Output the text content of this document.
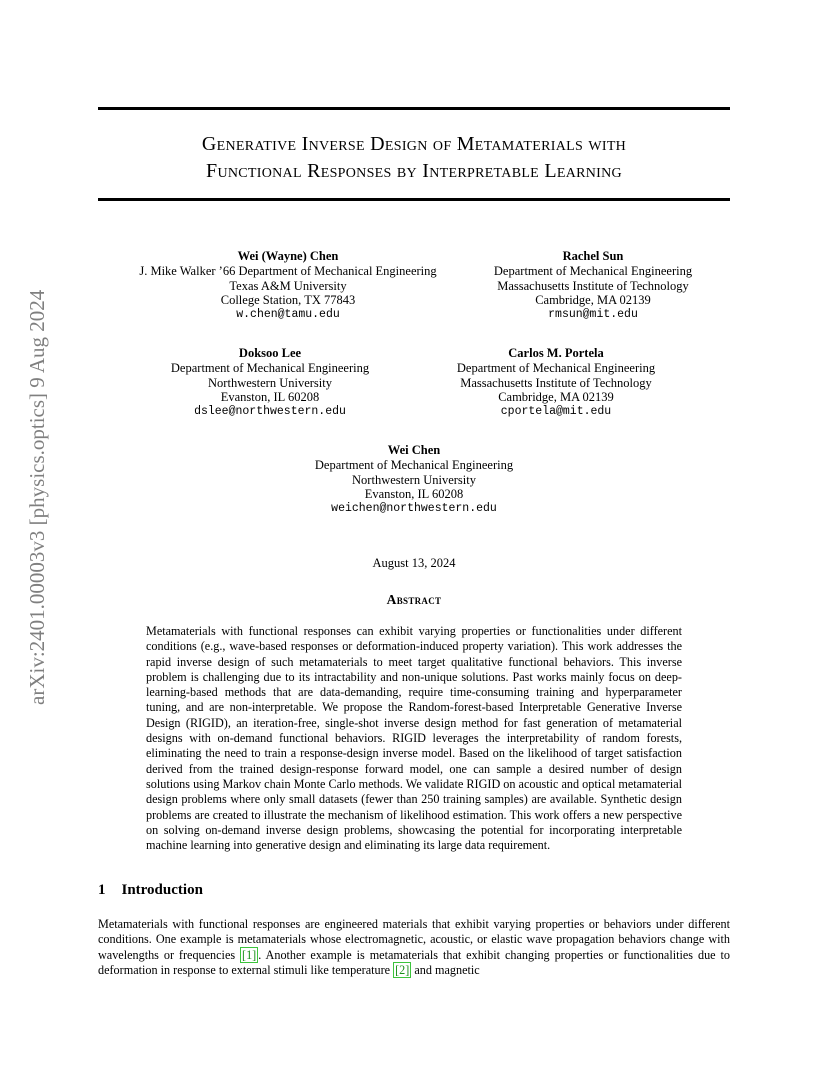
arXiv:2401.00003v3 [physics.optics] 9 Aug 2024
Generative Inverse Design of Metamaterials with
Functional Responses by Interpretable Learning
Wei (Wayne) Chen
J. Mike Walker ’66 Department of Mechanical Engineering
Texas A&M University
College Station, TX 77843
w.chen@tamu.edu
Rachel Sun
Department of Mechanical Engineering
Massachusetts Institute of Technology
Cambridge, MA 02139
rmsun@mit.edu
Doksoo Lee
Department of Mechanical Engineering
Northwestern University
Evanston, IL 60208
dslee@northwestern.edu
Carlos M. Portela
Department of Mechanical Engineering
Massachusetts Institute of Technology
Cambridge, MA 02139
cportela@mit.edu
Wei Chen
Department of Mechanical Engineering
Northwestern University
Evanston, IL 60208
weichen@northwestern.edu
August 13, 2024
Abstract
Metamaterials with functional responses can exhibit varying properties or functionalities under different conditions (e.g., wave-based responses or deformation-induced property variation). This work addresses the rapid inverse design of such metamaterials to meet target qualitative functional behaviors. This inverse problem is challenging due to its intractability and non-unique solutions. Past works mainly focus on deep-learning-based methods that are data-demanding, require time-consuming training and hyperparameter tuning, and are non-interpretable. We propose the Random-forest-based Interpretable Generative Inverse Design (RIGID), an iteration-free, single-shot inverse design method for fast generation of metamaterial designs with on-demand functional behaviors. RIGID leverages the interpretability of random forests, eliminating the need to train a response-design inverse model. Based on the likelihood of target satisfaction derived from the trained design-response forward model, one can sample a desired number of design solutions using Markov chain Monte Carlo methods. We validate RIGID on acoustic and optical metamaterial design problems where only small datasets (fewer than 250 training samples) are available. Synthetic design problems are created to illustrate the mechanism of likelihood estimation. This work offers a new perspective on solving on-demand inverse design problems, showcasing the potential for incorporating interpretable machine learning into generative design and eliminating its large data requirement.
1 Introduction
Metamaterials with functional responses are engineered materials that exhibit varying properties or behaviors under different conditions. One example is metamaterials whose electromagnetic, acoustic, or elastic wave propagation behaviors change with wavelengths or frequencies [1] . Another example is metamaterials that exhibit changing properties or functionalities due to deformation in response to external stimuli like temperature [2] and magnetic
